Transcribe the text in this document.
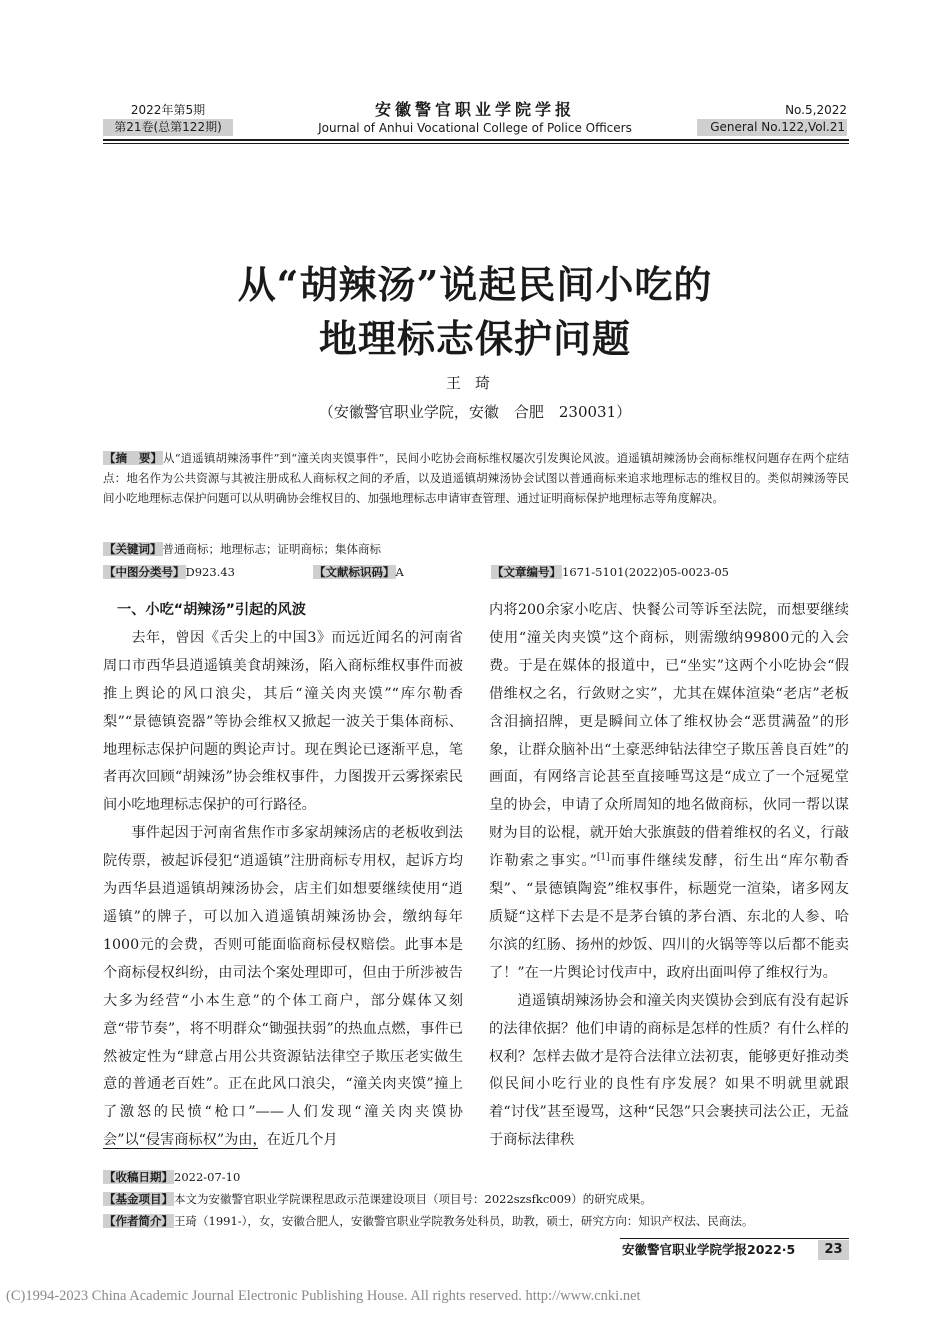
2022年第5期
第21卷(总第122期)
安徽警官职业学院学报
Journal of Anhui Vocational College of Police Officers
No.5,2022
General No.122,Vol.21
从“胡辣汤”说起民间小吃的
地理标志保护问题
王琦
（安徽警官职业学院，安徽　合肥　230031）
【摘　要】从“逍遥镇胡辣汤事件”到“潼关肉夹馍事件”，民间小吃协会商标维权屡次引发舆论风波。逍遥镇胡辣汤协会商标维权问题存在两个症结点：地名作为公共资源与其被注册成私人商标权之间的矛盾，以及逍遥镇胡辣汤协会试图以普通商标来追求地理标志的维权目的。类似胡辣汤等民间小吃地理标志保护问题可以从明确协会维权目的、加强地理标志申请审查管理、通过证明商标保护地理标志等角度解决。
【关键词】普通商标；地理标志；证明商标；集体商标
【中图分类号】D923.43	【文献标识码】A	【文章编号】1671-5101(2022)05-0023-05
一、小吃“胡辣汤”引起的风波

去年，曾因《舌尖上的中国3》而远近闻名的河南省周口市西华县逍遥镇美食胡辣汤，陷入商标维权事件而被推上舆论的风口浪尖，其后“潼关肉夹馍”“库尔勒香梨”“景德镇瓷器”等协会维权又掀起一波关于集体商标、地理标志保护问题的舆论声讨。现在舆论已逐渐平息，笔者再次回顾“胡辣汤”协会维权事件，力图拨开云雾探索民间小吃地理标志保护的可行路径。

事件起因于河南省焦作市多家胡辣汤店的老板收到法院传票，被起诉侵犯“逍遥镇”注册商标专用权，起诉方均为西华县逍遥镇胡辣汤协会，店主们如想要继续使用“逍遥镇”的牌子，可以加入逍遥镇胡辣汤协会，缴纳每年1000元的会费，否则可能面临商标侵权赔偿。此事本是个商标侵权纠纷，由司法个案处理即可，但由于所涉被告大多为经营“小本生意”的个体工商户，部分媒体又刻意“带节奏”，将不明群众“锄强扶弱”的热血点燃，事件已然被定性为“肆意占用公共资源钻法律空子欺压老实做生意的普通老百姓”。正在此风口浪尖，“潼关肉夹馍”撞上了激怒的民愤“枪口”——人们发现“潼关肉夹馍协会”以“侵害商标权”为由，在近几个月

内将200余家小吃店、快餐公司等诉至法院，而想要继续使用“潼关肉夹馍”这个商标，则需缴纳99800元的入会费。于是在媒体的报道中，已“坐实”这两个小吃协会“假借维权之名，行敛财之实”，尤其在媒体渲染“老店”老板含泪摘招牌，更是瞬间立体了维权协会“恶贯满盈”的形象，让群众脑补出“土豪恶绅钻法律空子欺压善良百姓”的画面，有网络言论甚至直接唾骂这是“成立了一个冠冕堂皇的协会，申请了众所周知的地名做商标，伙同一帮以谋财为目的讼棍，就开始大张旗鼓的借着维权的名义，行敲诈勒索之事实。”[1]而事件继续发酵，衍生出“库尔勒香梨”、“景德镇陶瓷”维权事件，标题党一渲染，诸多网友质疑“这样下去是不是茅台镇的茅台酒、东北的人参、哈尔滨的红肠、扬州的炒饭、四川的火锅等等以后都不能卖了！”在一片舆论讨伐声中，政府出面叫停了维权行为。

逍遥镇胡辣汤协会和潼关肉夹馍协会到底有没有起诉的法律依据？他们申请的商标是怎样的性质？有什么样的权利？怎样去做才是符合法律立法初衷，能够更好推动类似民间小吃行业的良性有序发展？如果不明就里就跟着“讨伐”甚至谩骂，这种“民怨”只会裹挟司法公正，无益于商标法律秩

【收稿日期】2022-07-10
【基金项目】本文为安徽警官职业学院课程思政示范课建设项目（项目号：2022szsfkc009）的研究成果。
【作者简介】王琦（1991-），女，安徽合肥人，安徽警官职业学院教务处科员，助教，硕士，研究方向：知识产权法、民商法。
安徽警官职业学院学报2022·5	23
(C)1994-2023 China Academic Journal Electronic Publishing House. All rights reserved. http://www.cnki.net
